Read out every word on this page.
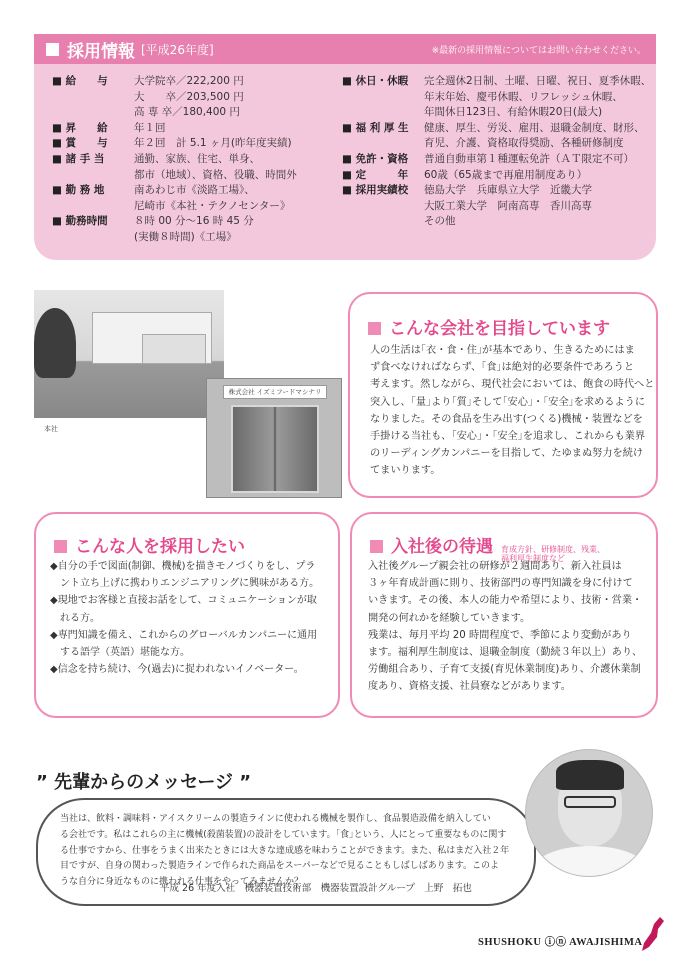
採用情報 [平成26年度]	※最新の採用情報についてはお問い合わせください。
■ 給　　与	大学院卒／222,200 円
大　　卒／203,500 円
高 専 卒／180,400 円
■ 昇　　給	年１回
■ 賞　　与	年２回　計 5.1 ヶ月(昨年度実績)
■ 諸 手 当	通勤、家族、住宅、単身、
都市（地域）、資格、役職、時間外
■ 勤 務 地	南あわじ市《淡路工場》、
尼崎市《本社・テクノセンター》
■ 勤務時間	８時 00 分〜16 時 45 分
(実働８時間)《工場》
■ 休日・休暇	完全週休2日制、土曜、日曜、祝日、夏季休暇、
年末年始、慶弔休暇、リフレッシュ休暇、
年間休日123日、有給休暇20日(最大)
■ 福 利 厚 生	健康、厚生、労災、雇用、退職金制度、財形、
育児、介護、資格取得奨励、各種研修制度
■ 免許・資格	普通自動車第１種運転免許（ＡＴ限定不可）
■ 定　　　年	60歳（65歳まで再雇用制度あり）
■ 採用実績校	徳島大学　兵庫県立大学　近畿大学
大阪工業大学　阿南高専　香川高専
その他
本社
株式会社 イズミフードマシナリ
こんな会社を目指しています

人の生活は｢衣・食・住｣が基本であり、生きるためにはま

ず食べなければならず、｢食｣は絶対的必要条件であろうと

考えます。然しながら、現代社会においては、飽食の時代へと

突入し、｢量｣より｢質｣そして｢安心｣・｢安全｣を求めるように

なりました。その食品を生み出す(つくる)機械・装置などを

手掛ける当社も、｢安心｣・｢安全｣を追求し、これからも業界

のリーディングカンパニーを目指して、たゆまぬ努力を続け

てまいります。

こんな人を採用したい

◆自分の手で図面(制御、機械)を描きモノづくりをし、プラ

　ント立ち上げに携わりエンジニアリングに興味がある方。

◆現地でお客様と直接お話をして、コミュニケーションが取

　れる方。

◆専門知識を備え、これからのグローバルカンパニーに通用

　する語学（英語）堪能な方。

◆信念を持ち続け、今(過去)に捉われないイノベーター。

入社後の待遇 育成方針、研修制度、残業、福利厚生制度など

入社後グループ親会社の研修が２週間あり、新入社員は

３ヶ年育成計画に則り、技術部門の専門知識を身に付けて

いきます。その後、本人の能力や希望により、技術・営業・

開発の何れかを経験していきます。

残業は、毎月平均 20 時間程度で、季節により変動があり

ます。福利厚生制度は、退職金制度（勤続３年以上）あり、

労働組合あり、子育て支援(育児休業制度)あり、介護休業制

度あり、資格支援、社員寮などがあります。

” 先輩からのメッセージ ”

当社は、飲料・調味料・アイスクリームの製造ラインに使われる機械を製作し、食品製造設備を納入してい

る会社です。私はこれらの主に機械(殺菌装置)の設計をしています。｢食｣という、人にとって重要なものに関す

る仕事ですから、仕事をうまく出来たときには大きな達成感を味わうことができます。また、私はまだ入社２年

目ですが、自身の関わった製造ラインで作られた商品をスーパーなどで見ることもしばしばあります。このよ

うな自分に身近なものに携われる仕事をやってみませんか？

平成 26 年度入社　機器装置技術部　機器装置設計グループ　上野　拓也
SHUSHOKU ⓘⓝ AWAJISHIMA
